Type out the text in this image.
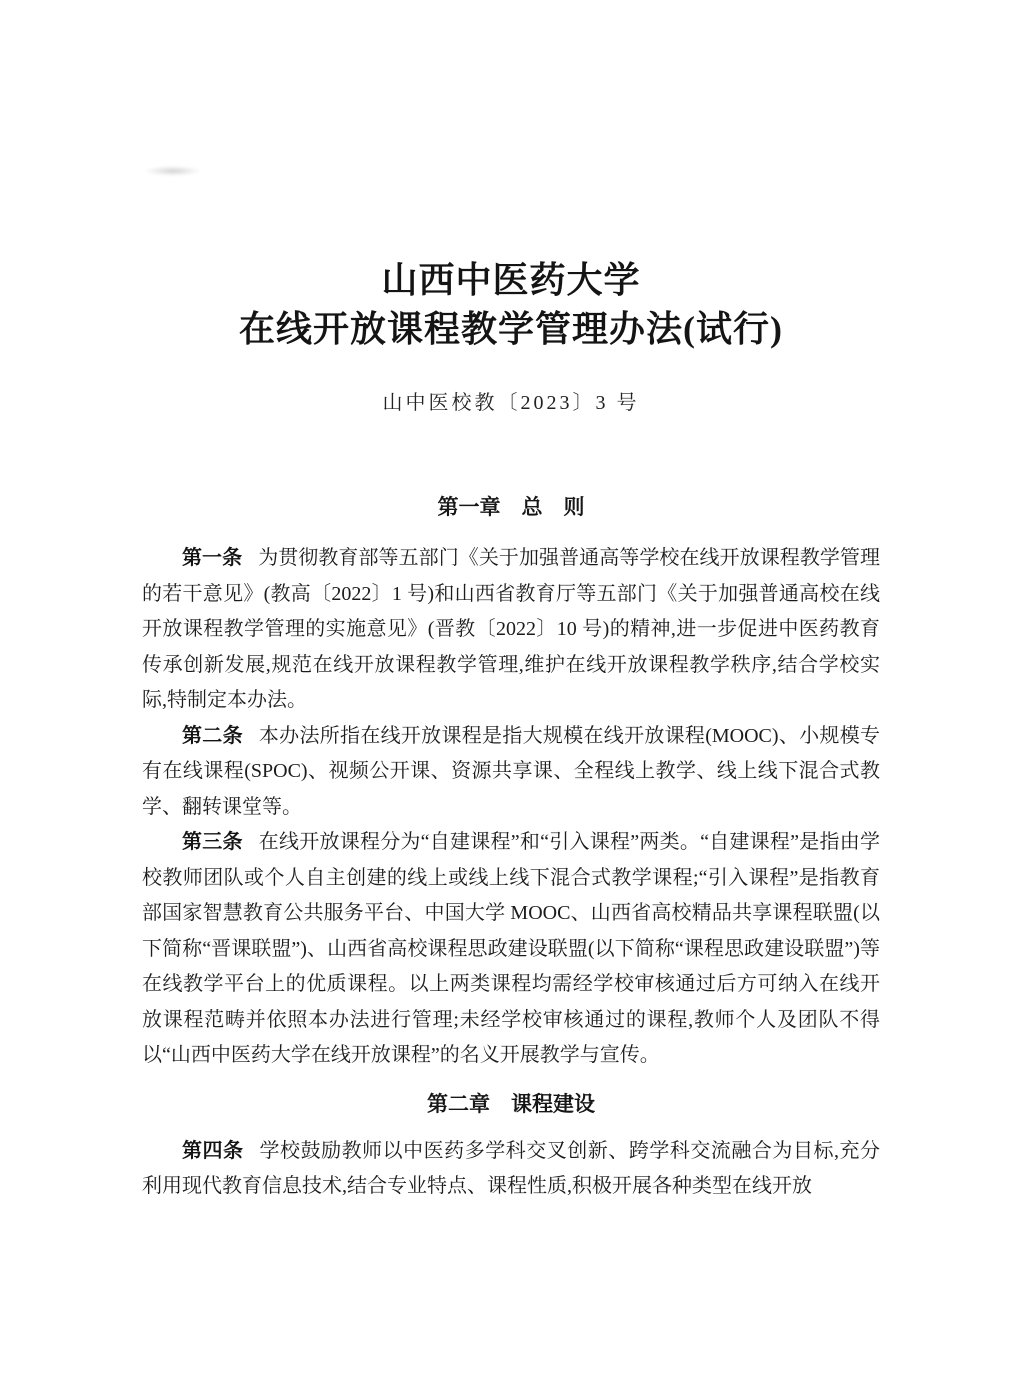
山西中医药大学
在线开放课程教学管理办法(试行)
山中医校教〔2023〕3 号
第一章　总　则

第一条 为贯彻教育部等五部门《关于加强普通高等学校在线开放课程教学管理的若干意见》(教高〔2022〕1 号)和山西省教育厅等五部门《关于加强普通高校在线开放课程教学管理的实施意见》(晋教〔2022〕10 号)的精神,进一步促进中医药教育传承创新发展,规范在线开放课程教学管理,维护在线开放课程教学秩序,结合学校实际,特制定本办法。

第二条 本办法所指在线开放课程是指大规模在线开放课程(MOOC)、小规模专有在线课程(SPOC)、视频公开课、资源共享课、全程线上教学、线上线下混合式教学、翻转课堂等。

第三条 在线开放课程分为“自建课程”和“引入课程”两类。“自建课程”是指由学校教师团队或个人自主创建的线上或线上线下混合式教学课程;“引入课程”是指教育部国家智慧教育公共服务平台、中国大学 MOOC、山西省高校精品共享课程联盟(以下简称“晋课联盟”)、山西省高校课程思政建设联盟(以下简称“课程思政建设联盟”)等在线教学平台上的优质课程。以上两类课程均需经学校审核通过后方可纳入在线开放课程范畴并依照本办法进行管理;未经学校审核通过的课程,教师个人及团队不得以“山西中医药大学在线开放课程”的名义开展教学与宣传。

第二章　课程建设

第四条 学校鼓励教师以中医药多学科交叉创新、跨学科交流融合为目标,充分利用现代教育信息技术,结合专业特点、课程性质,积极开展各种类型在线开放
